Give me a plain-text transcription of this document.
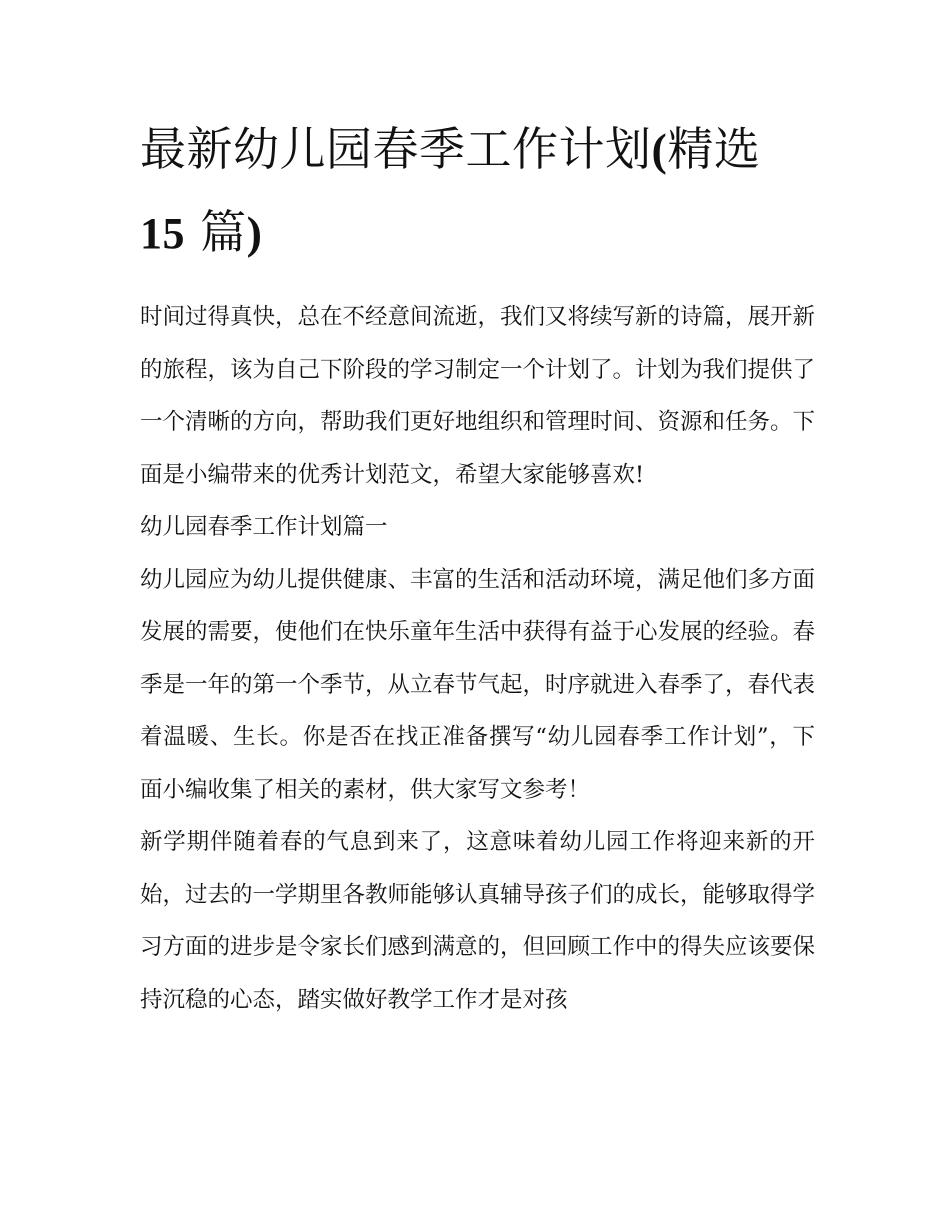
最新幼儿园春季工作计划(精选
15 篇)

时间过得真快，总在不经意间流逝，我们又将续写新的诗篇，展开新的旅程，该为自己下阶段的学习制定一个计划了。计划为我们提供了一个清晰的方向，帮助我们更好地组织和管理时间、资源和任务。下面是小编带来的优秀计划范文，希望大家能够喜欢!

幼儿园春季工作计划篇一

幼儿园应为幼儿提供健康、丰富的生活和活动环境，满足他们多方面发展的需要，使他们在快乐童年生活中获得有益于心发展的经验。春季是一年的第一个季节，从立春节气起，时序就进入春季了，春代表着温暖、生长。你是否在找正准备撰写“幼儿园春季工作计划”，下面小编收集了相关的素材，供大家写文参考！

新学期伴随着春的气息到来了，这意味着幼儿园工作将迎来新的开始，过去的一学期里各教师能够认真辅导孩子们的成长，能够取得学习方面的进步是令家长们感到满意的，但回顾工作中的得失应该要保持沉稳的心态，踏实做好教学工作才是对孩
